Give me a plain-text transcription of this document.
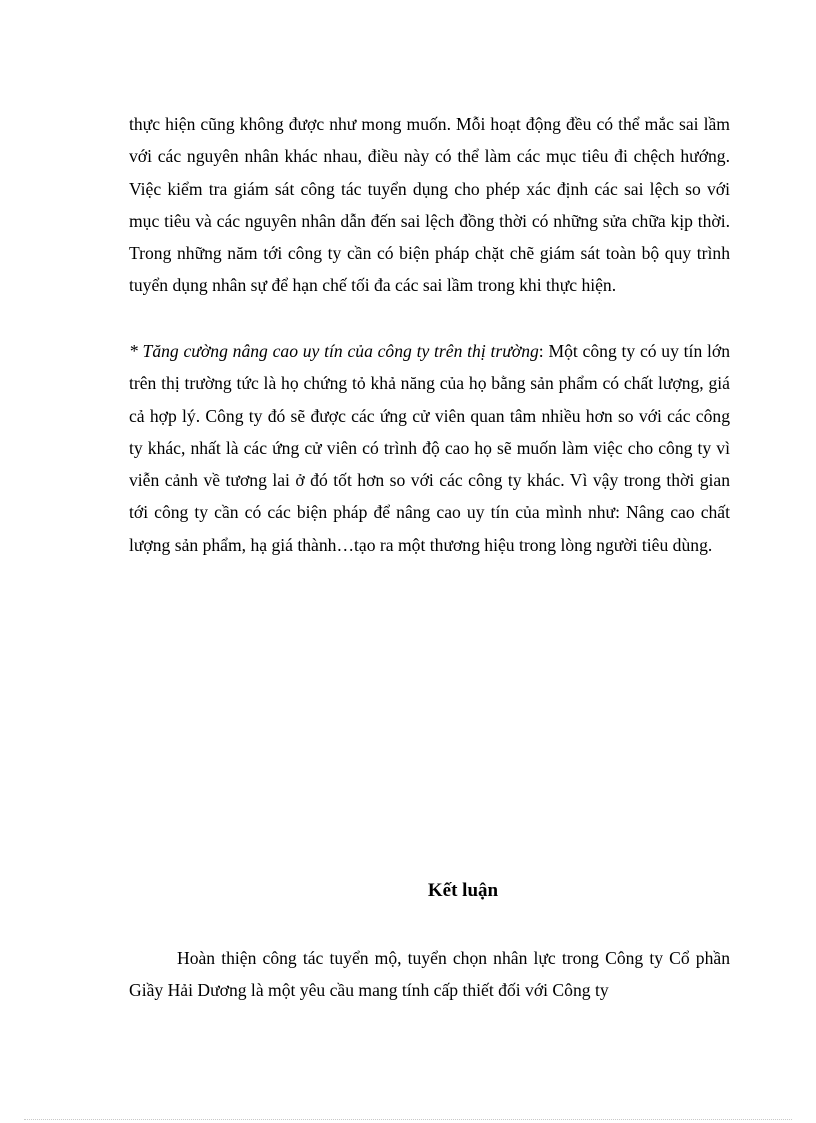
thực hiện cũng không được như mong muốn. Mỗi hoạt động đều có thể mắc sai lầm với các nguyên nhân khác nhau, điều này có thể làm các mục tiêu đi chệch hướng. Việc kiểm tra giám sát công tác tuyển dụng cho phép xác định các sai lệch so với mục tiêu và các nguyên nhân dẫn đến sai lệch đồng thời có những sửa chữa kịp thời. Trong những năm tới công ty cần có biện pháp chặt chẽ giám sát toàn bộ quy trình tuyển dụng nhân sự để hạn chế tối đa các sai lầm trong khi thực hiện.

* Tăng cường nâng cao uy tín của công ty trên thị trường: Một công ty có uy tín lớn trên thị trường tức là họ chứng tỏ khả năng của họ bằng sản phẩm có chất lượng, giá cả hợp lý. Công ty đó sẽ được các ứng cử viên quan tâm nhiều hơn so với các công ty khác, nhất là các ứng cử viên có trình độ cao họ sẽ muốn làm việc cho công ty vì viễn cảnh về tương lai ở đó tốt hơn so với các công ty khác. Vì vậy trong thời gian tới công ty cần có các biện pháp để nâng cao uy tín của mình như: Nâng cao chất lượng sản phẩm, hạ giá thành…tạo ra một thương hiệu trong lòng người tiêu dùng.

Kết luận

Hoàn thiện công tác tuyển mộ, tuyển chọn nhân lực trong Công ty Cổ phần Giầy Hải Dương là một yêu cầu mang tính cấp thiết đối với Công ty
